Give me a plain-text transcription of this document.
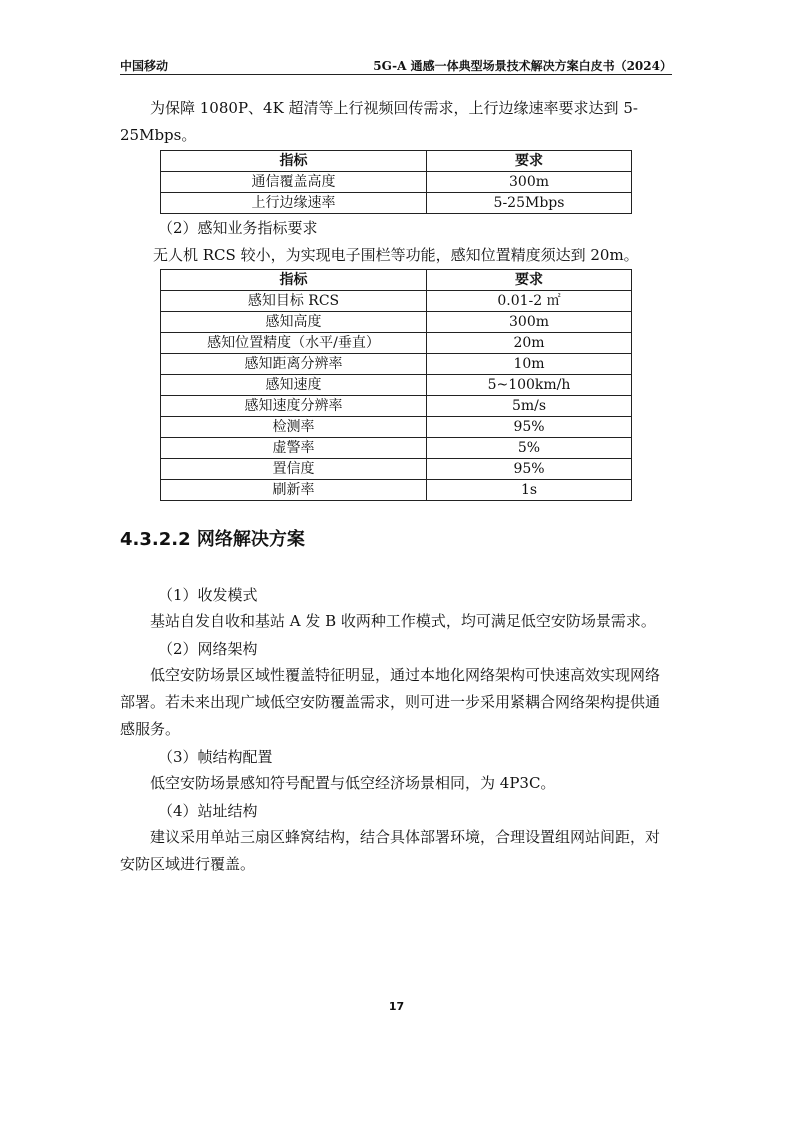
中国移动	5G-A 通感一体典型场景技术解决方案白皮书（2024）

为保障 1080P、4K 超清等上行视频回传需求，上行边缘速率要求达到 5-25Mbps。

指标	要求
通信覆盖高度	300m
上行边缘速率	5-25Mbps
（2）感知业务指标要求
无人机 RCS 较小，为实现电子围栏等功能，感知位置精度须达到 20m。
指标	要求
感知目标 RCS	0.01-2 ㎡
感知高度	300m
感知位置精度（水平/垂直）	20m
感知距离分辨率	10m
感知速度	5~100km/h
感知速度分辨率	5m/s
检测率	95%
虚警率	5%
置信度	95%
刷新率	1s
4.3.2.2 网络解决方案
（1）收发模式

基站自发自收和基站 A 发 B 收两种工作模式，均可满足低空安防场景需求。

（2）网络架构

低空安防场景区域性覆盖特征明显，通过本地化网络架构可快速高效实现网络部署。若未来出现广域低空安防覆盖需求，则可进一步采用紧耦合网络架构提供通感服务。

（3）帧结构配置

低空安防场景感知符号配置与低空经济场景相同，为 4P3C。

（4）站址结构

建议采用单站三扇区蜂窝结构，结合具体部署环境，合理设置组网站间距，对安防区域进行覆盖。

17
